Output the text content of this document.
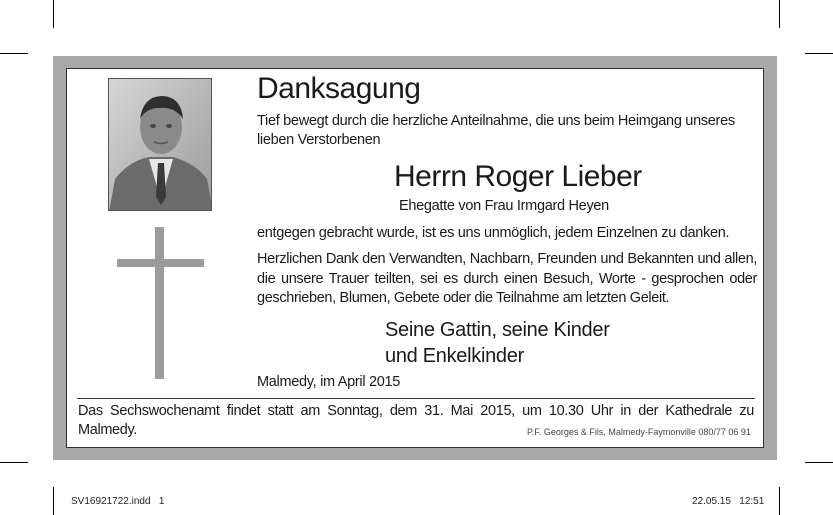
Danksagung
Tief bewegt durch die herzliche Anteilnahme, die uns beim Heimgang unseres lieben Verstorbenen
Herrn Roger Lieber
Ehegatte von Frau Irmgard Heyen
entgegen gebracht wurde, ist es uns unmöglich, jedem Einzelnen zu danken.
Herzlichen Dank den Verwandten, Nachbarn, Freunden und Bekannten und allen, die unsere Trauer teilten, sei es durch einen Besuch, Worte - gesprochen oder geschrieben, Blumen, Gebete oder die Teilnahme am letzten Geleit.
Seine Gattin, seine Kinder
und Enkelkinder
Malmedy, im April 2015
Das Sechswochenamt findet statt am Sonntag, dem 31. Mai 2015, um 10.30 Uhr in der Kathedrale zu Malmedy.	P.F. Georges & Fils, Malmedy-Faymonville 080/77 06 91
SV16921722.indd   1	22.05.15   12:51
